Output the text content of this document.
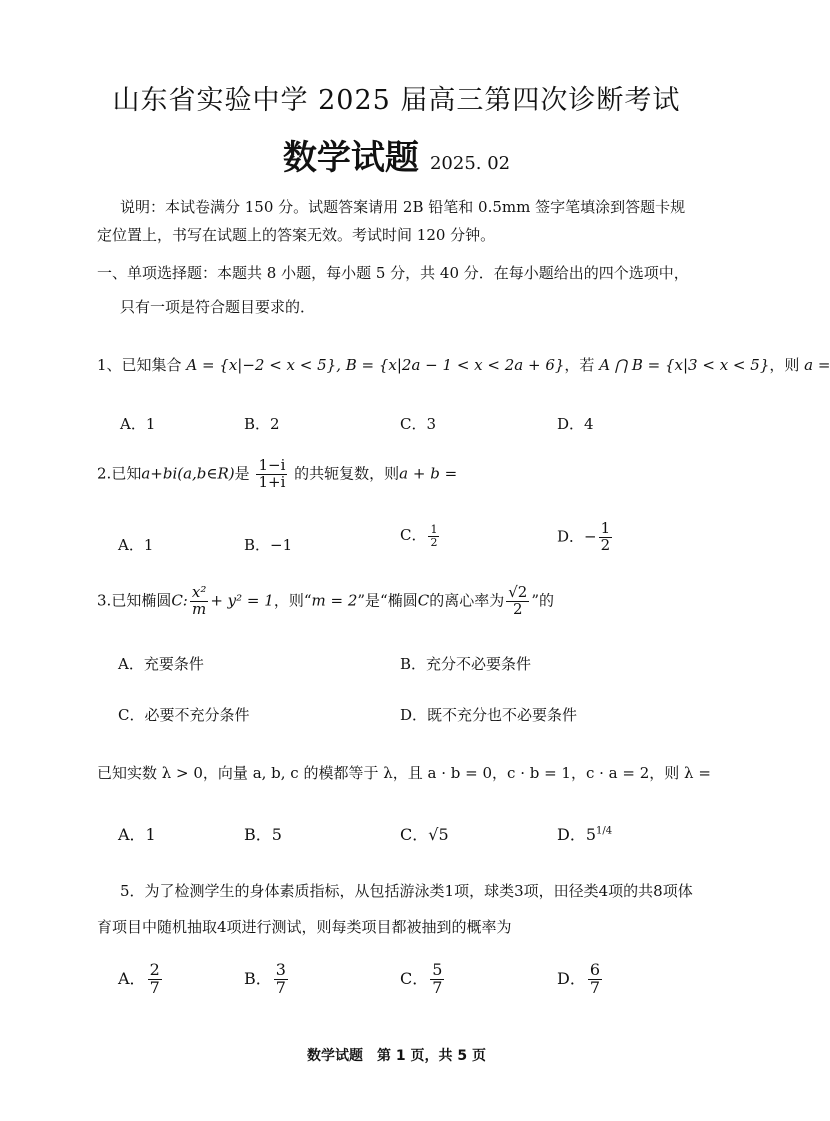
山东省实验中学 2025 届高三第四次诊断考试
数学试题 2025. 02
说明：本试卷满分 150 分。试题答案请用 2B 铅笔和 0.5mm 签字笔填涂到答题卡规
定位置上，书写在试题上的答案无效。考试时间 120 分钟。
一、单项选择题：本题共 8 小题，每小题 5 分，共 40 分．在每小题给出的四个选项中，
只有一项是符合题目要求的．
1、已知集合 A = {x|−2 < x < 5}, B = {x|2a − 1 < x < 2a + 6}，若 A ⋂ B = {x|3 < x < 5}，则 a =
A．1	B．2	C．3	D．4
2.已知a+bi(a,b∈R)是 $\frac{1-i}{1+i}$ 的共轭复数，则a + b =
A．1	B．−1
C． $\frac{1}{2}$	D．− $\frac{1}{2}$
3.已知椭圆C: $\frac{\text{x²}}{m} + y^2 = 1$，则“m = 2”是“椭圆C的离心率为 $\frac{√2}{2}$ ”的
A．充要条件	B．充分不必要条件
C．必要不充分条件	D．既不充分也不必要条件
已知实数 λ > 0，向量 a, b, c 的模都等于 λ，且 a · b = 0，c · b = 1，c · a = 2，则 λ =
A．1	B．5	C．√5	D．$5^{1/4}$
5．为了检测学生的身体素质指标，从包括游泳类1项，球类3项，田径类4项的共8项体
育项目中随机抽取4项进行测试，则每类项目都被抽到的概率为
A． $\frac{2}{7}$	B． $\frac{3}{7}$	C． $\frac{5}{7}$	D． $\frac{6}{7}$
数学试题　第 1 页，共 5 页
